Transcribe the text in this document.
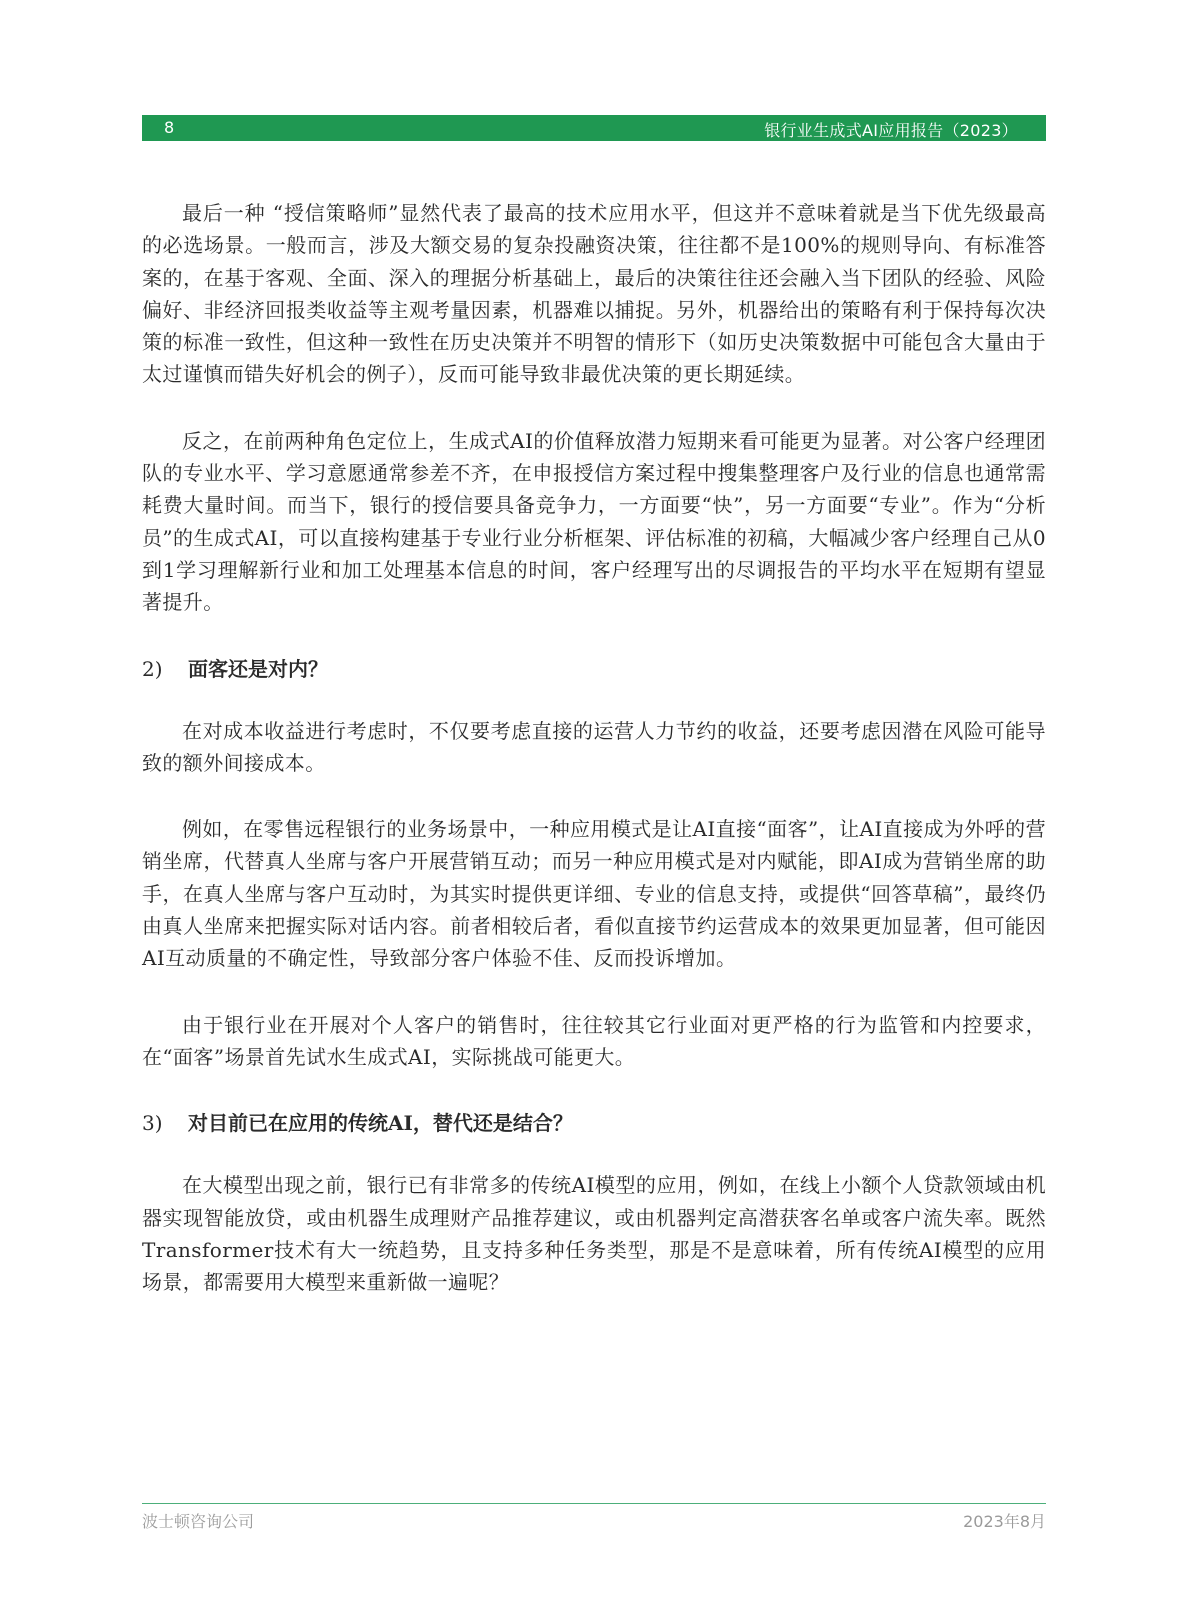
8	银行业生成式AI应用报告（2023）

最后一种 “授信策略师”显然代表了最高的技术应用水平，但这并不意味着就是当下优先级最高的必选场景。一般而言，涉及大额交易的复杂投融资决策，往往都不是100%的规则导向、有标准答案的，在基于客观、全面、深入的理据分析基础上，最后的决策往往还会融入当下团队的经验、风险偏好、非经济回报类收益等主观考量因素，机器难以捕捉。另外，机器给出的策略有利于保持每次决策的标准一致性，但这种一致性在历史决策并不明智的情形下（如历史决策数据中可能包含大量由于太过谨慎而错失好机会的例子），反而可能导致非最优决策的更长期延续。

反之，在前两种角色定位上，生成式AI的价值释放潜力短期来看可能更为显著。对公客户经理团队的专业水平、学习意愿通常参差不齐，在申报授信方案过程中搜集整理客户及行业的信息也通常需耗费大量时间。而当下，银行的授信要具备竞争力，一方面要“快”，另一方面要“专业”。作为“分析员”的生成式AI，可以直接构建基于专业行业分析框架、评估标准的初稿，大幅减少客户经理自己从0到1学习理解新行业和加工处理基本信息的时间，客户经理写出的尽调报告的平均水平在短期有望显著提升。

2) 面客还是对内？

在对成本收益进行考虑时，不仅要考虑直接的运营人力节约的收益，还要考虑因潜在风险可能导致的额外间接成本。

例如，在零售远程银行的业务场景中，一种应用模式是让AI直接“面客”，让AI直接成为外呼的营销坐席，代替真人坐席与客户开展营销互动；而另一种应用模式是对内赋能，即AI成为营销坐席的助手，在真人坐席与客户互动时，为其实时提供更详细、专业的信息支持，或提供“回答草稿”，最终仍由真人坐席来把握实际对话内容。前者相较后者，看似直接节约运营成本的效果更加显著，但可能因AI互动质量的不确定性，导致部分客户体验不佳、反而投诉增加。

由于银行业在开展对个人客户的销售时，往往较其它行业面对更严格的行为监管和内控要求，在“面客”场景首先试水生成式AI，实际挑战可能更大。

3) 对目前已在应用的传统AI，替代还是结合？

在大模型出现之前，银行已有非常多的传统AI模型的应用，例如，在线上小额个人贷款领域由机器实现智能放贷，或由机器生成理财产品推荐建议，或由机器判定高潜获客名单或客户流失率。既然Transformer技术有大一统趋势，且支持多种任务类型，那是不是意味着，所有传统AI模型的应用场景，都需要用大模型来重新做一遍呢？

波士顿咨询公司	2023年8月
